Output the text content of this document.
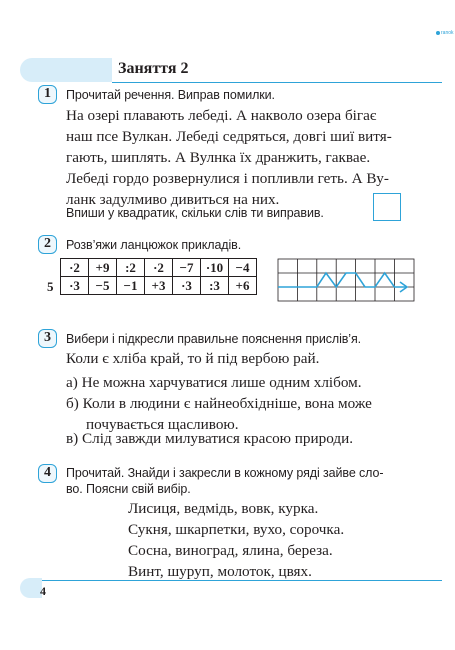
ranok
Заняття 2
1	Прочитай речення. Виправ помилки.
На озері плавають лебеді. А накволо озера бігає
наш псе Вулкан. Лебеді седряться, довгі шиї витя-
гають, шиплять. А Вулнка їх дранжить, гаквае.
Лебеді гордо розвернулися і попливли геть. А Ву-
ланк задулмиво дивиться на них.
Впиши у квадратик, скільки слів ти виправив.
2	Розв’яжи ланцюжок прикладів.
5
·2	+9	:2	·2	−7	·10	−4
·3	−5	−1	+3	·3	:3	+6
3	Вибери і підкресли правильне пояснення прислів’я.
Коли є хліба край, то й під вербою рай.
а) Не можна харчуватися лише одним хлібом.
б) Коли в людини є найнеобхідніше, вона може
почувається щасливою.
в) Слід завжди милуватися красою природи.
4	Прочитай. Знайди і закресли в кожному ряді зайве сло-
во. Поясни свій вибір.
Лисиця, ведмідь, вовк, курка.
Сукня, шкарпетки, вухо, сорочка.
Сосна, виноград, ялина, береза.
Винт, шуруп, молоток, цвях.
4
